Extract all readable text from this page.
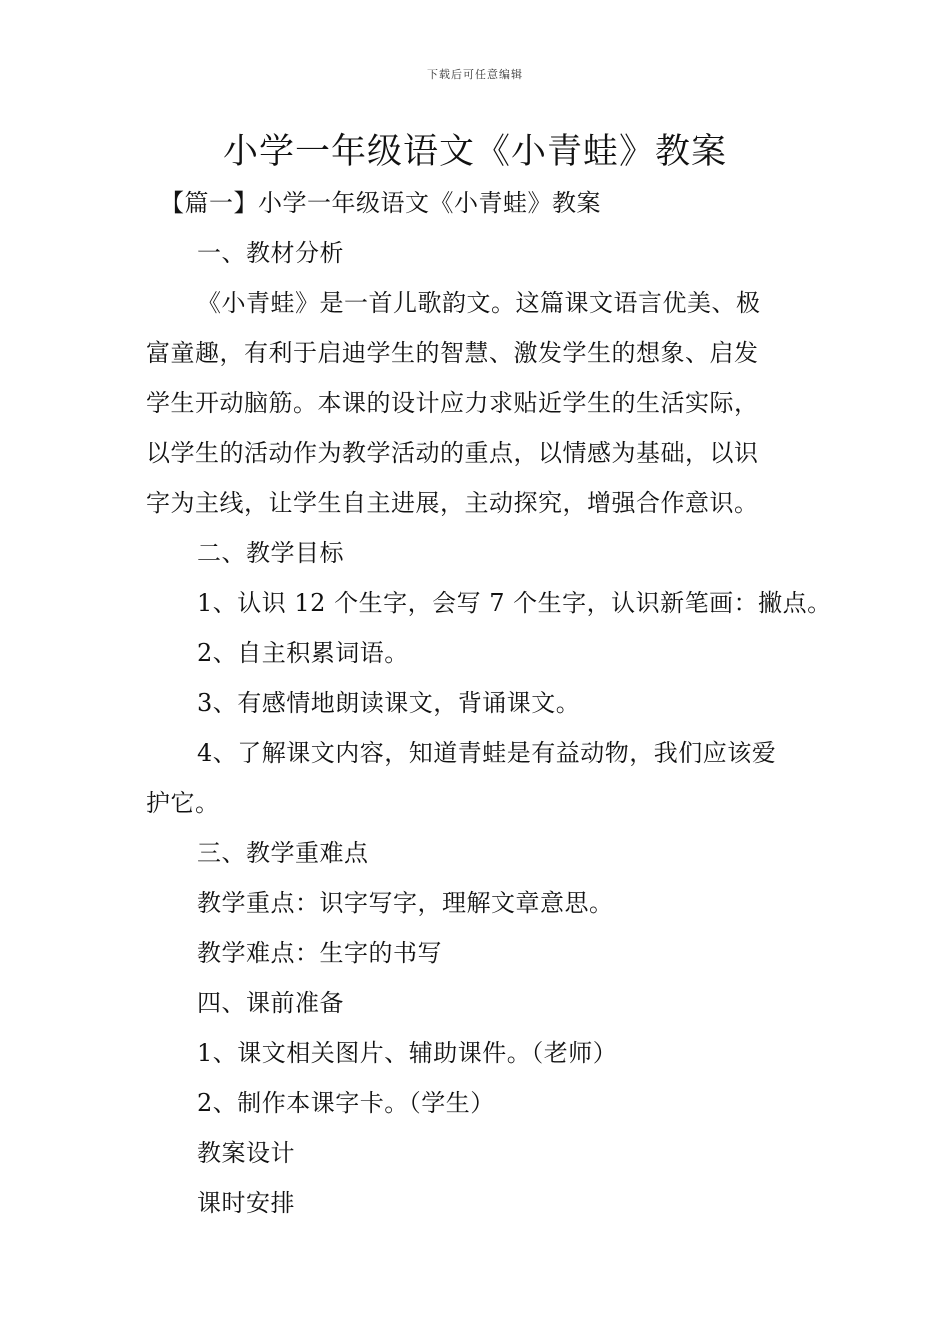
下载后可任意编辑
小学一年级语文《小青蛙》教案
【篇一】小学一年级语文《小青蛙》教案
一、教材分析
《小青蛙》是一首儿歌韵文。这篇课文语言优美、极
富童趣，有利于启迪学生的智慧、激发学生的想象、启发
学生开动脑筋。本课的设计应力求贴近学生的生活实际，
以学生的活动作为教学活动的重点，以情感为基础，以识
字为主线，让学生自主进展，主动探究，增强合作意识。
二、教学目标
1、认识 12 个生字，会写 7 个生字，认识新笔画：撇点。
2、自主积累词语。
3、有感情地朗读课文，背诵课文。
4、了解课文内容，知道青蛙是有益动物，我们应该爱
护它。
三、教学重难点
教学重点：识字写字，理解文章意思。
教学难点：生字的书写
四、课前准备
1、课文相关图片、辅助课件。（老师）
2、制作本课字卡。（学生）
教案设计
课时安排
